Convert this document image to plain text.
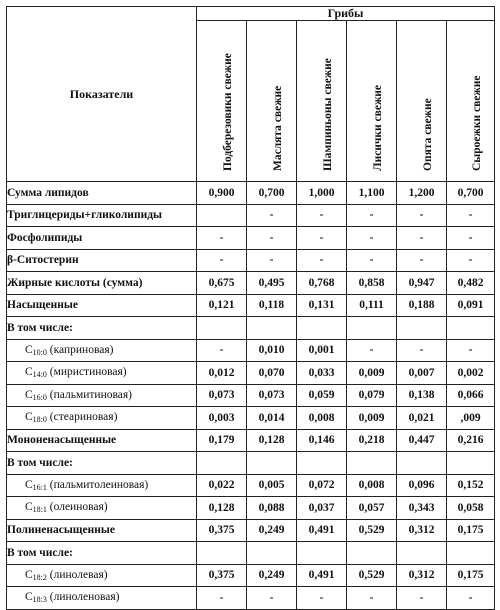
Показатели	Грибы					

	Подберезовики свежие	Маслята свежие	Шампиньоны свежие	Лисички свежие	Опята свежие	Сыроежки свежие

Сумма липидов	0,900	0,700	1,000	1,100	1,200	0,700
Триглицериды+гликолипиды		-	-	-	-	-
Фосфолипиды	-	-	-	-	-	-
β-Ситостерин	-	-	-	-	-	-
Жирные кислоты (сумма)	0,675	0,495	0,768	0,858	0,947	0,482
Насыщенные	0,121	0,118	0,131	0,111	0,188	0,091
В том числе:						
$C_{10:0}$ (каприновая)	-	0,010	0,001	-	-	-
$C_{14:0}$ (миристиновая)	0,012	0,070	0,033	0,009	0,007	0,002
$C_{16:0}$ (пальмитиновая)	0,073	0,073	0,059	0,079	0,138	0,066
$C_{18:0}$ (стеариновая)	0,003	0,014	0,008	0,009	0,021	,009
Мононенасыщенные	0,179	0,128	0,146	0,218	0,447	0,216
В том числе:						
$C_{16:1}$ (пальмитолеиновая)	0,022	0,005	0,072	0,008	0,096	0,152
$C_{18:1}$ (олеиновая)	0,128	0,088	0,037	0,057	0,343	0,058
Полиненасыщенные	0,375	0,249	0,491	0,529	0,312	0,175
В том числе:						
$C_{18:2}$ (линолевая)	0,375	0,249	0,491	0,529	0,312	0,175
$C_{18:3}$ (линоленовая)	-	-	-	-	-	-
